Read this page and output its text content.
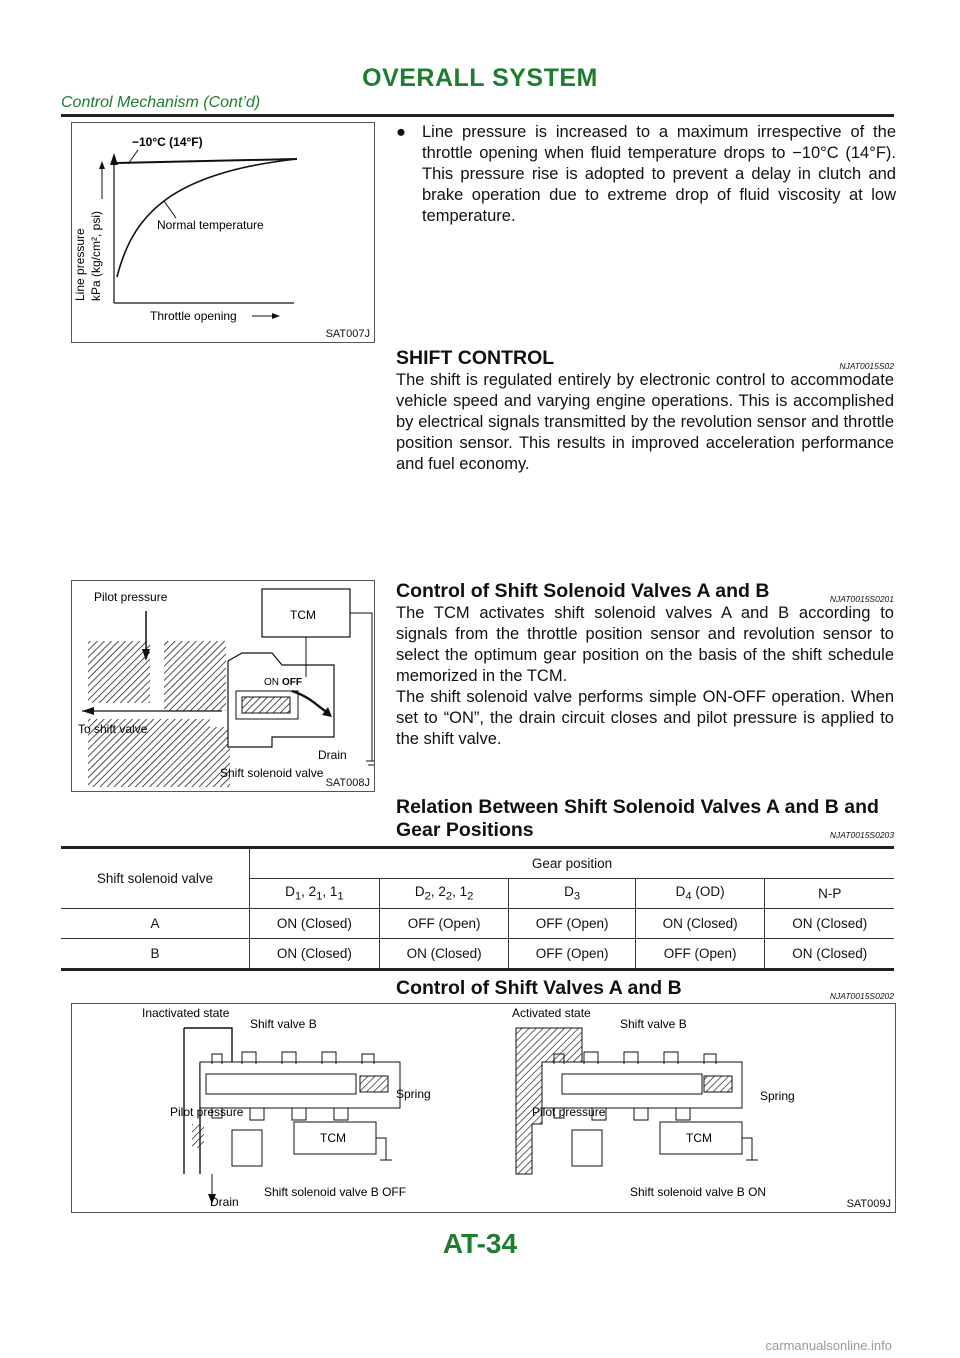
OVERALL SYSTEM
Control Mechanism (Cont’d)
−10°C (14°F)
Normal temperature
Line pressure kPa (kg/cm², psi)
Throttle opening
SAT007J
● Line pressure is increased to a maximum irrespective of the throttle opening when fluid temperature drops to −10°C (14°F). This pressure rise is adopted to prevent a delay in clutch and brake operation due to extreme drop of fluid viscosity at low temperature.
SHIFT CONTROL	NJAT0015S02
The shift is regulated entirely by electronic control to accommodate vehicle speed and varying engine operations. This is accomplished by electrical signals transmitted by the revolution sensor and throttle position sensor. This results in improved acceleration performance and fuel economy.
Pilot pressure
TCM
ON OFF
To shift valve
Drain
Shift solenoid valve
SAT008J
Control of Shift Solenoid Valves A and B	NJAT0015S0201
The TCM activates shift solenoid valves A and B according to signals from the throttle position sensor and revolution sensor to select the optimum gear position on the basis of the shift schedule memorized in the TCM.
The shift solenoid valve performs simple ON-OFF operation. When set to “ON”, the drain circuit closes and pilot pressure is applied to the shift valve.
Relation Between Shift Solenoid Valves A and B and
Gear Positions	NJAT0015S0203
Shift solenoid valve	Gear position				
	$D_1$, $2_1$, $1_1$	$D_2$, $2_2$, $1_2$	$D_3$	$D_4$ (OD)	N-P
A	ON (Closed)	OFF (Open)	OFF (Open)	ON (Closed)	ON (Closed)
B	ON (Closed)	ON (Closed)	OFF (Open)	OFF (Open)	ON (Closed)
Control of Shift Valves A and B	NJAT0015S0202
Inactivated state
Shift valve B
Spring
Pilot pressure
TCM
Drain
Shift solenoid valve B OFF
Activated state
Shift valve B
Spring
Pilot pressure
TCM
Shift solenoid valve B ON
SAT009J
AT-34
carmanualsonline.info
